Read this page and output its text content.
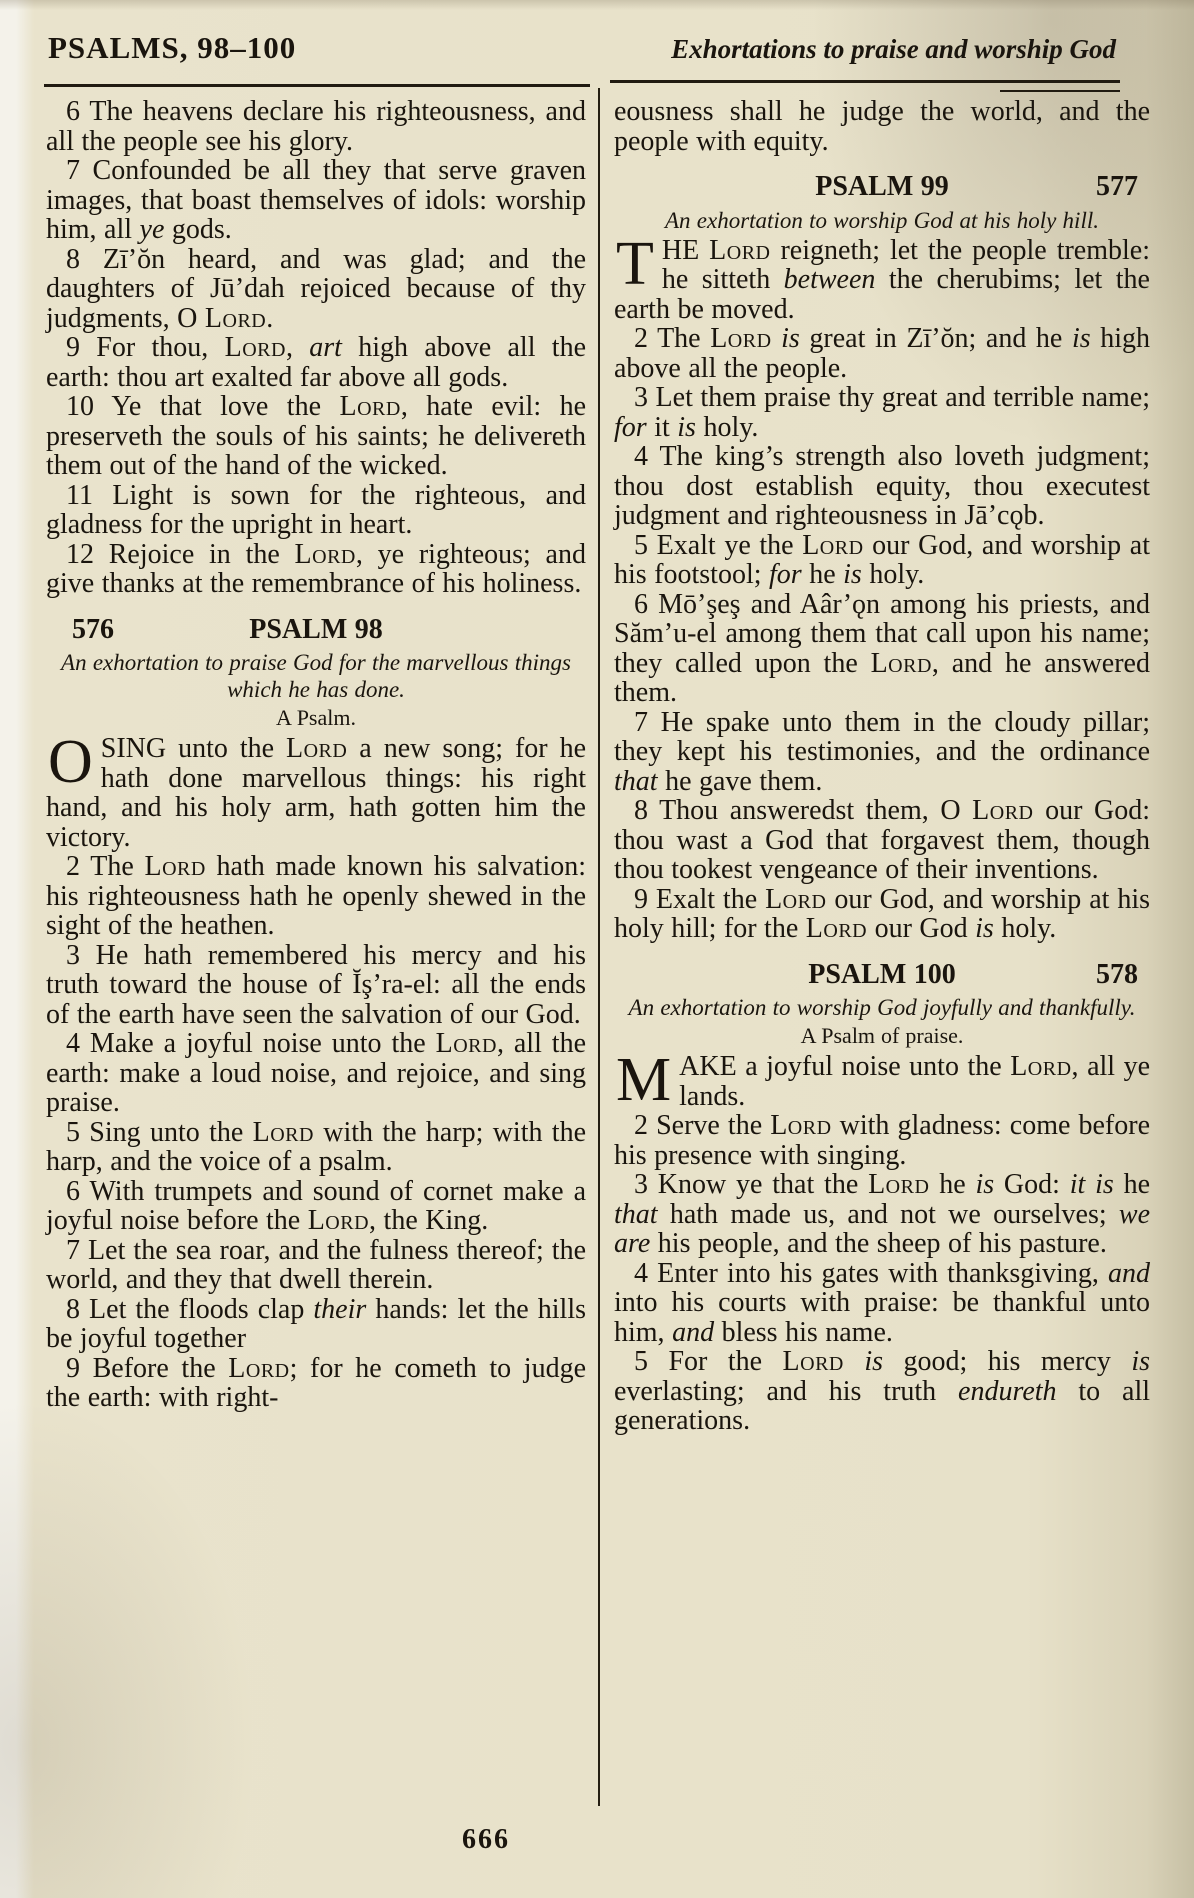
PSALMS, 98–100	Exhortations to praise and worship God

6 The heavens declare his righteousness, and all the people see his glory.

7 Confounded be all they that serve graven images, that boast themselves of idols: worship him, all ye gods.

8 Zī’ŏn heard, and was glad; and the daughters of Jū’dah rejoiced because of thy judgments, O Lord.

9 For thou, Lord, art high above all the earth: thou art exalted far above all gods.

10 Ye that love the Lord, hate evil: he preserveth the souls of his saints; he delivereth them out of the hand of the wicked.

11 Light is sown for the righteous, and gladness for the upright in heart.

12 Rejoice in the Lord, ye righteous; and give thanks at the remembrance of his holiness.

576	PSALM 98

An exhortation to praise God for the marvellous things which he has done.

A Psalm.

OSING unto the Lord a new song; for he hath done marvellous things: his right hand, and his holy arm, hath gotten him the victory.

2 The Lord hath made known his salvation: his righteousness hath he openly shewed in the sight of the heathen.

3 He hath remembered his mercy and his truth toward the house of Ĭş’ra-el: all the ends of the earth have seen the salvation of our God.

4 Make a joyful noise unto the Lord, all the earth: make a loud noise, and rejoice, and sing praise.

5 Sing unto the Lord with the harp; with the harp, and the voice of a psalm.

6 With trumpets and sound of cornet make a joyful noise before the Lord, the King.

7 Let the sea roar, and the fulness thereof; the world, and they that dwell therein.

8 Let the floods clap their hands: let the hills be joyful together

9 Before the Lord; for he cometh to judge the earth: with right-

eousness shall he judge the world, and the people with equity.

577
PSALM 99

An exhortation to worship God at his holy hill.

THE Lord reigneth; let the people tremble: he sitteth between the cherubims; let the earth be moved.

2 The Lord is great in Zī’ŏn; and he is high above all the people.

3 Let them praise thy great and terrible name; for it is holy.

4 The king’s strength also loveth judgment; thou dost establish equity, thou executest judgment and righteousness in Jā’cǫb.

5 Exalt ye the Lord our God, and worship at his footstool; for he is holy.

6 Mō’şeş and Aâr’ǫn among his priests, and Săm’u-el among them that call upon his name; they called upon the Lord, and he answered them.

7 He spake unto them in the cloudy pillar; they kept his testimonies, and the ordinance that he gave them.

8 Thou answeredst them, O Lord our God: thou wast a God that forgavest them, though thou tookest vengeance of their inventions.

9 Exalt the Lord our God, and worship at his holy hill; for the Lord our God is holy.

578
PSALM 100

An exhortation to worship God joyfully and thankfully.

A Psalm of praise.

MAKE a joyful noise unto the Lord, all ye lands.

2 Serve the Lord with gladness: come before his presence with singing.

3 Know ye that the Lord he is God: it is he that hath made us, and not we ourselves; we are his people, and the sheep of his pasture.

4 Enter into his gates with thanksgiving, and into his courts with praise: be thankful unto him, and bless his name.

5 For the Lord is good; his mercy is everlasting; and his truth endureth to all generations.

666
